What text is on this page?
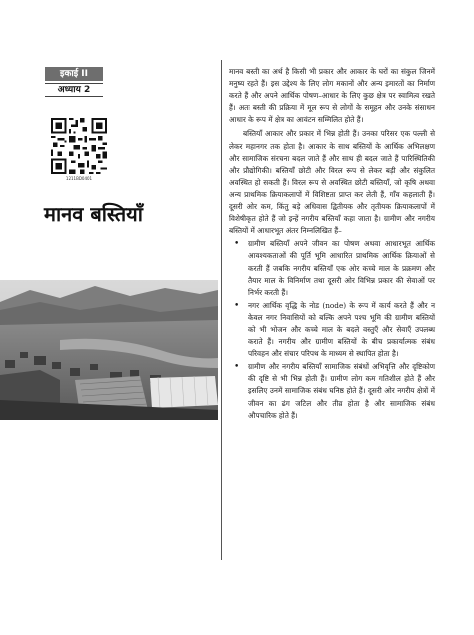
इकाई II
अध्याय 2
1211BD0401
मानव बस्तियाँ

मानव बस्ती का अर्थ है किसी भी प्रकार और आकार के घरों का संकुल जिनमें मनुष्य रहते हैं। इस उद्देश्य के लिए लोग मकानों और अन्य इमारतों का निर्माण करते हैं और अपने आर्थिक पोषण–आधार के लिए कुछ क्षेत्र पर स्वामित्व रखते हैं। अतः बस्ती की प्रक्रिया में मूल रूप से लोगों के समूहन और उनके संसाधन आधार के रूप में क्षेत्र का आवंटन सम्मिलित होते हैं।

बस्तियाँ आकार और प्रकार में भिन्न होती हैं। उनका परिसर एक पल्ली से लेकर महानगर तक होता है। आकार के साथ बस्तियों के आर्थिक अभिलक्षण और सामाजिक संरचना बदल जाते हैं और साथ ही बदल जाते हैं पारिस्थितिकी और प्रौद्योगिकी। बस्तियाँ छोटी और विरल रूप से लेकर बड़ी और संकुलित अवस्थित हो सकती हैं। विरल रूप से अवस्थित छोटी बस्तियाँ, जो कृषि अथवा अन्य प्राथमिक क्रियाकलापों में विशिष्टता प्राप्त कर लेती हैं, गाँव कहलाती हैं। दूसरी ओर कम, किंतु बड़े अधिवास द्वितीयक और तृतीयक क्रियाकलापों में विशेषीकृत होते हैं जो इन्हें नगरीय बस्तियाँ कहा जाता है। ग्रामीण और नगरीय बस्तियों में आधारभूत अंतर निम्नलिखित हैं–

• ग्रामीण बस्तियाँ अपने जीवन का पोषण अथवा आधारभूत आर्थिक आवश्यकताओं की पूर्ति भूमि आधारित प्राथमिक आर्थिक क्रियाओं से करती हैं जबकि नगरीय बस्तियाँ एक ओर कच्चे माल के प्रक्रमण और तैयार माल के विनिर्माण तथा दूसरी ओर विभिन्न प्रकार की सेवाओं पर निर्भर करती हैं।
• नगर आर्थिक वृद्धि के नोड (node) के रूप में कार्य करते हैं और न केवल नगर निवासियों को बल्कि अपने पश्च भूमि की ग्रामीण बस्तियों को भी भोजन और कच्चे माल के बदले वस्तुएँ और सेवाएँ उपलब्ध कराते हैं। नगरीय और ग्रामीण बस्तियों के बीच प्रकार्यात्मक संबंध परिवहन और संचार परिपथ के माध्यम से स्थापित होता है।
• ग्रामीण और नगरीय बस्तियाँ सामाजिक संबंधों अभिवृत्ति और दृष्टिकोण की दृष्टि से भी भिन्न होती हैं। ग्रामीण लोग कम गतिशील होते हैं और इसलिए उनमें सामाजिक संबंध घनिष्ठ होते हैं। दूसरी ओर नगरीय क्षेत्रों में जीवन का ढंग जटिल और तीव्र होता है और सामाजिक संबंध औपचारिक होते हैं।
